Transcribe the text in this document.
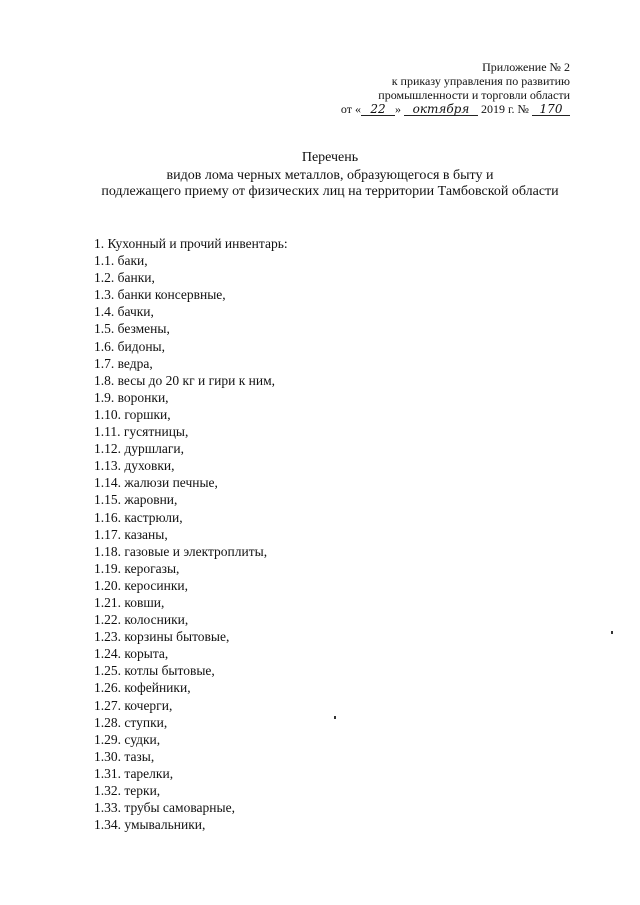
Приложение № 2
к приказу управления по развитию
промышленности и торговли области
от « 22 » октября 2019 г. № 170
Перечень
видов лома черных металлов, образующегося в быту и
подлежащего приему от физических лиц на территории Тамбовской области
1. Кухонный и прочий инвентарь:
1.1. баки,
1.2. банки,
1.3. банки консервные,
1.4. бачки,
1.5. безмены,
1.6. бидоны,
1.7. ведра,
1.8. весы до 20 кг и гири к ним,
1.9. воронки,
1.10. горшки,
1.11. гусятницы,
1.12. дуршлаги,
1.13. духовки,
1.14. жалюзи печные,
1.15. жаровни,
1.16. кастрюли,
1.17. казаны,
1.18. газовые и электроплиты,
1.19. керогазы,
1.20. керосинки,
1.21. ковши,
1.22. колосники,
1.23. корзины бытовые,
1.24. корыта,
1.25. котлы бытовые,
1.26. кофейники,
1.27. кочерги,
1.28. ступки,
1.29. судки,
1.30. тазы,
1.31. тарелки,
1.32. терки,
1.33. трубы самоварные,
1.34. умывальники,
